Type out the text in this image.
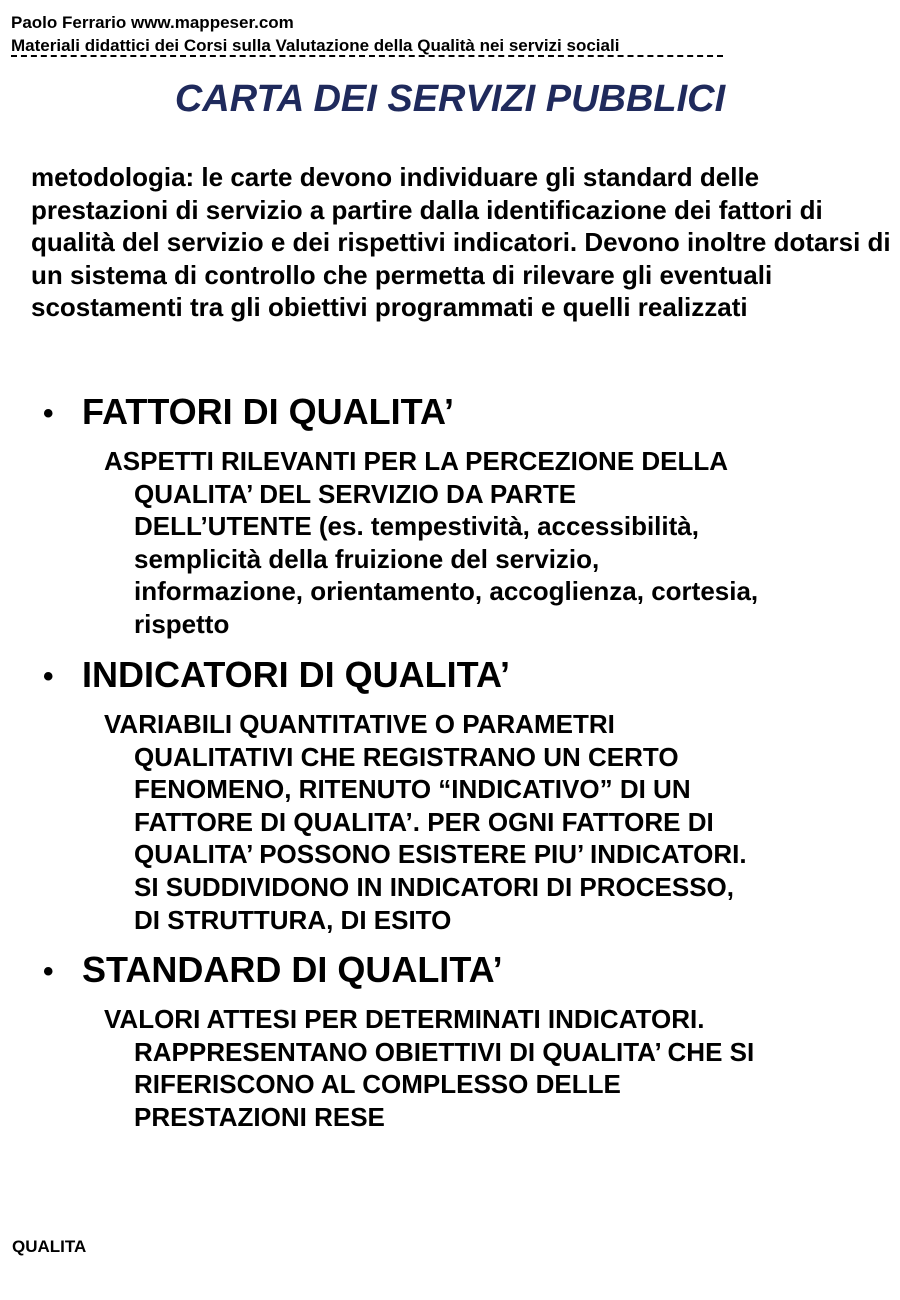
Paolo Ferrario www.mappeser.com
Materiali didattici dei Corsi sulla Valutazione della Qualità nei servizi sociali
CARTA DEI SERVIZI PUBBLICI
metodologia: le carte devono individuare gli standard delle prestazioni di servizio a partire dalla identificazione dei fattori di qualità del servizio e dei rispettivi indicatori. Devono inoltre dotarsi di un sistema di controllo che permetta di rilevare gli eventuali scostamenti tra gli obiettivi programmati e quelli realizzati
• FATTORI DI QUALITA’
ASPETTI RILEVANTI PER LA PERCEZIONE DELLA
QUALITA’ DEL SERVIZIO DA PARTE
DELL’UTENTE (es. tempestività, accessibilità,
semplicità della fruizione del servizio,
informazione, orientamento, accoglienza, cortesia,
rispetto
• INDICATORI DI QUALITA’
VARIABILI QUANTITATIVE O PARAMETRI
QUALITATIVI CHE REGISTRANO UN CERTO
FENOMENO, RITENUTO “INDICATIVO” DI UN
FATTORE DI QUALITA’. PER OGNI FATTORE DI
QUALITA’ POSSONO ESISTERE PIU’ INDICATORI.
SI SUDDIVIDONO IN INDICATORI DI PROCESSO,
DI STRUTTURA, DI ESITO
• STANDARD DI QUALITA’
VALORI ATTESI PER DETERMINATI INDICATORI.
RAPPRESENTANO OBIETTIVI DI QUALITA’ CHE SI
RIFERISCONO AL COMPLESSO DELLE
PRESTAZIONI RESE
QUALITA
